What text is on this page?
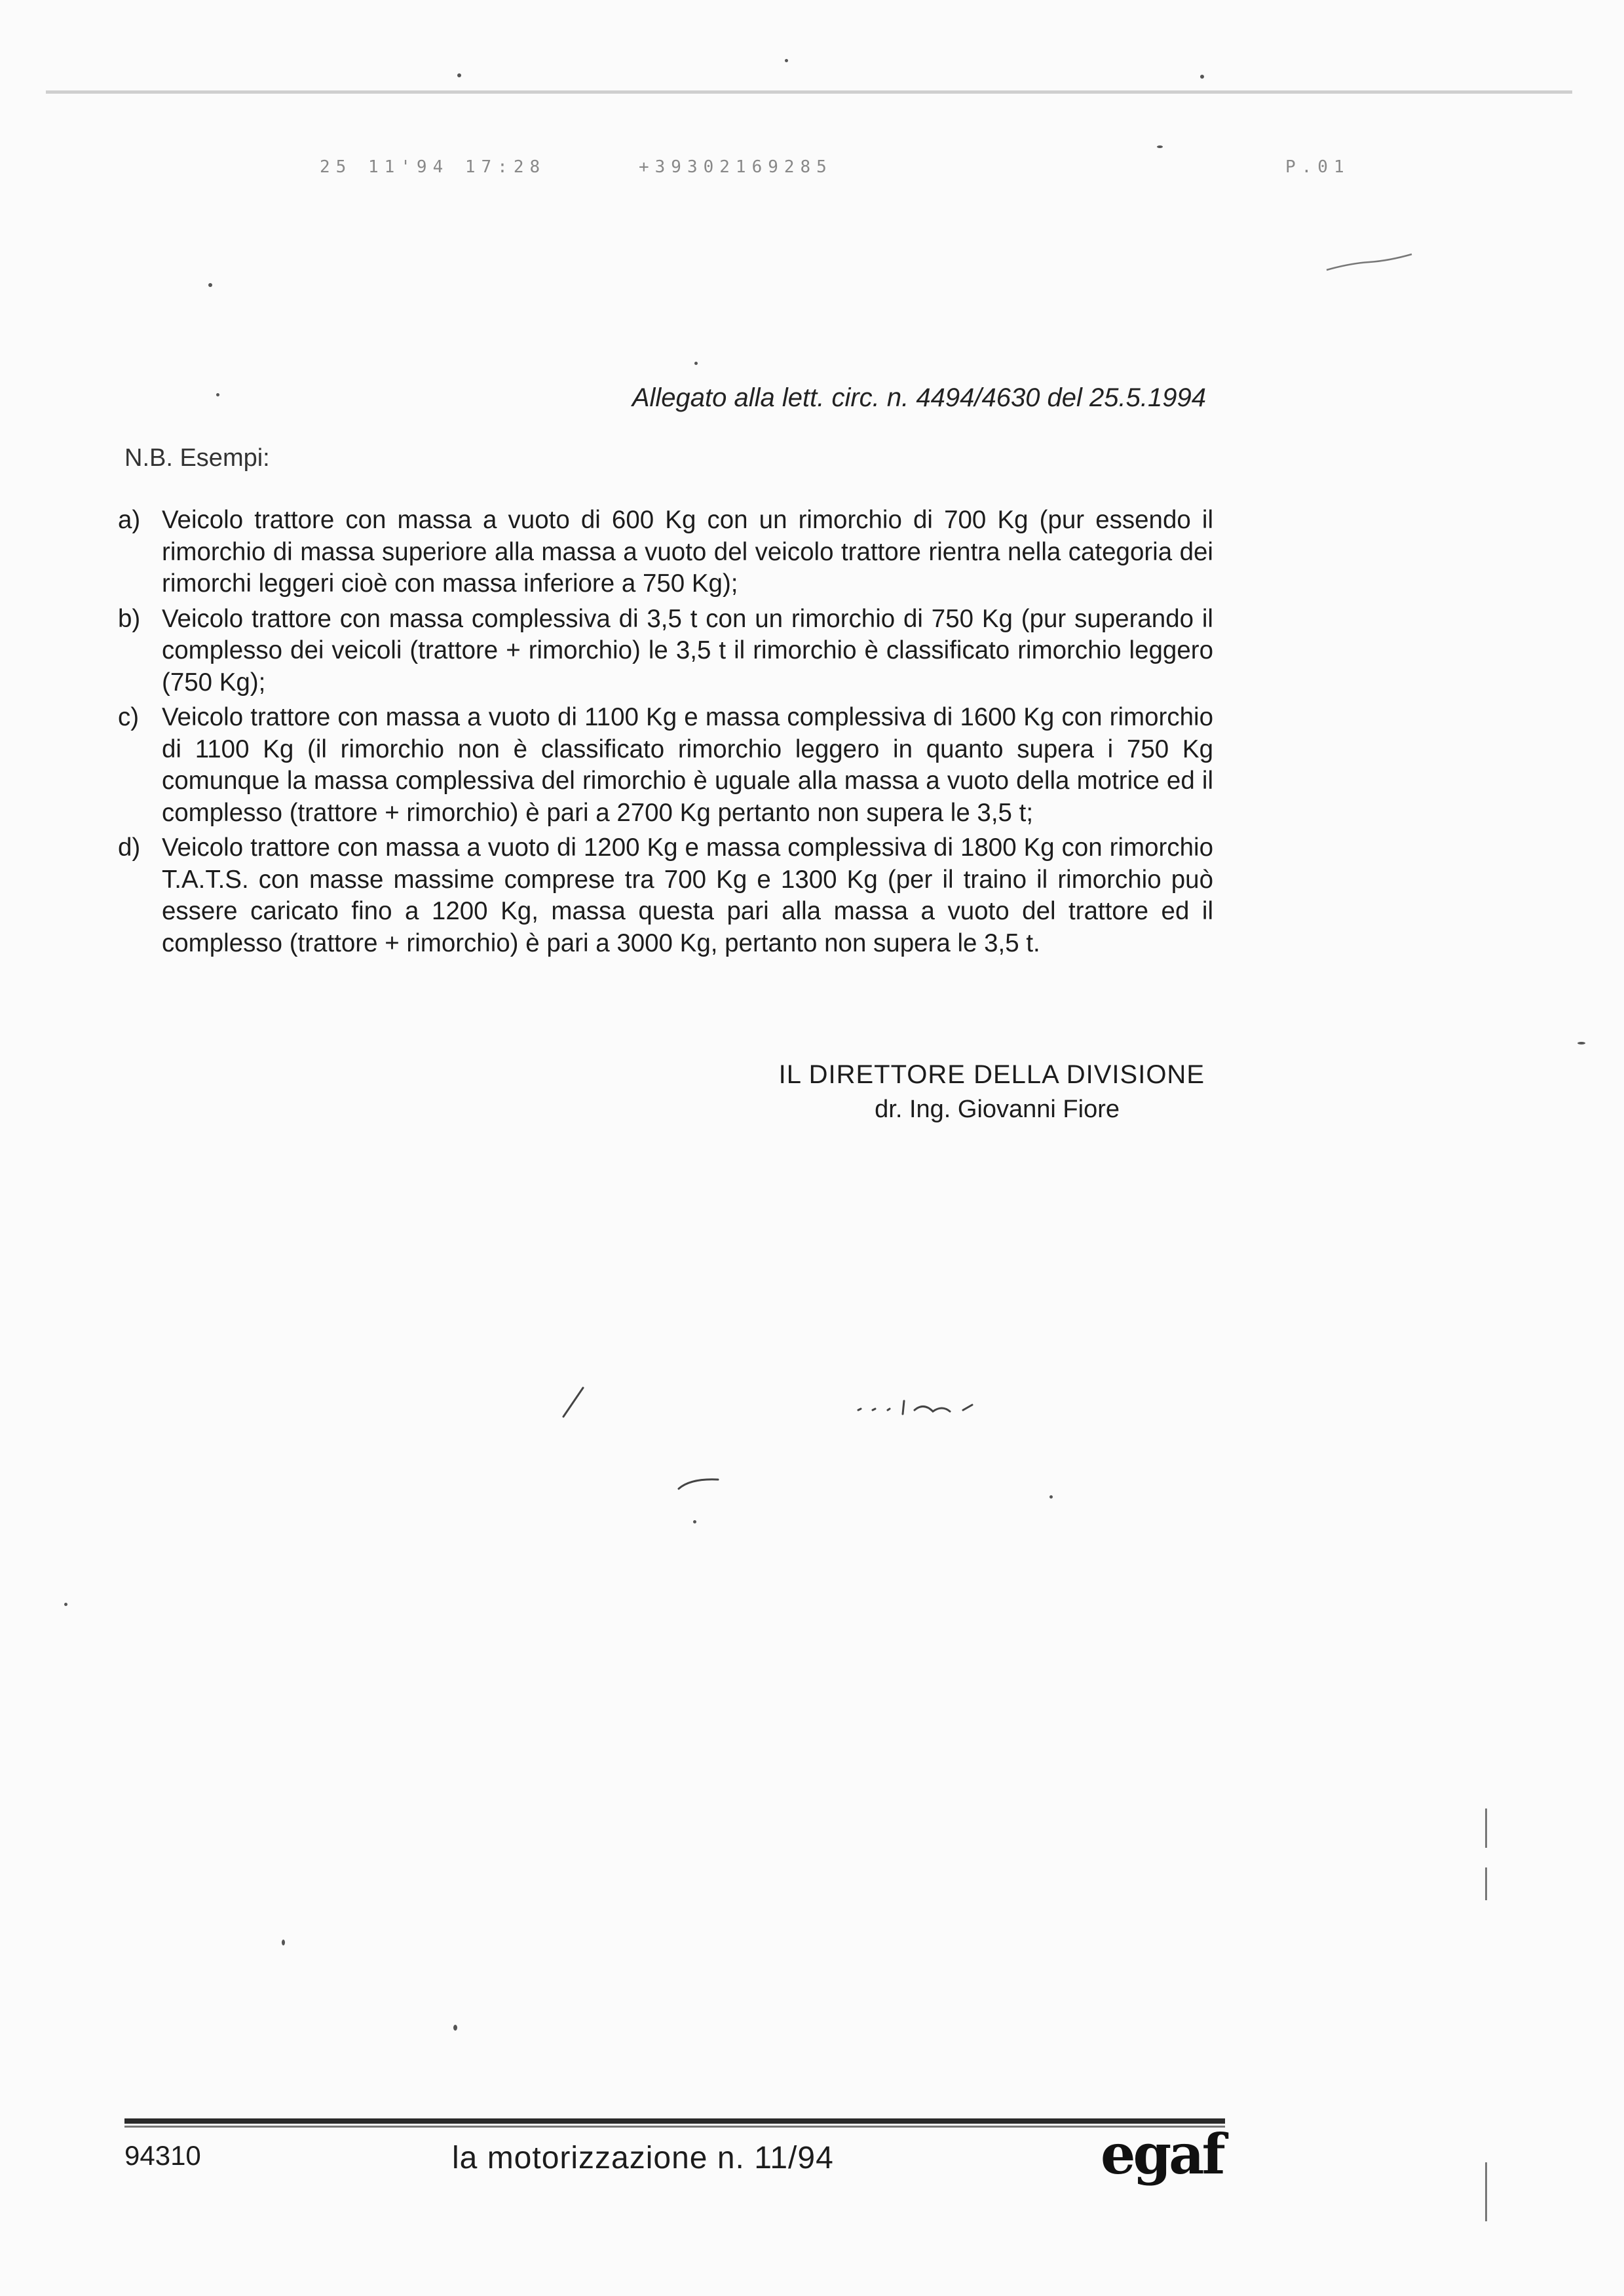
25 11'94 17:28	+39302169285	P.01
Allegato alla lett. circ. n. 4494/4630 del 25.5.1994
N.B. Esempi:
a) Veicolo trattore con massa a vuoto di 600 Kg con un rimorchio di 700 Kg (pur essendo il rimorchio di massa superiore alla massa a vuoto del veicolo trattore rientra nella categoria dei rimorchi leggeri cioè con massa inferiore a 750 Kg);
b) Veicolo trattore con massa complessiva di 3,5 t con un rimorchio di 750 Kg (pur superando il complesso dei veicoli (trattore + rimorchio) le 3,5 t il rimorchio è classificato rimorchio leggero (750 Kg);
c) Veicolo trattore con massa a vuoto di 1100 Kg e massa complessiva di 1600 Kg con rimorchio di 1100 Kg (il rimorchio non è classificato rimorchio leggero in quanto supera i 750 Kg comunque la massa complessiva del rimorchio è uguale alla massa a vuoto della motrice ed il complesso (trattore + rimorchio) è pari a 2700 Kg pertanto non supera le 3,5 t;
d) Veicolo trattore con massa a vuoto di 1200 Kg e massa complessiva di 1800 Kg con rimorchio T.A.T.S. con masse massime comprese tra 700 Kg e 1300 Kg (per il traino il rimorchio può essere caricato fino a 1200 Kg, massa questa pari alla massa a vuoto del trattore ed il complesso (trattore + rimorchio) è pari a 3000 Kg, pertanto non supera le 3,5 t.
IL DIRETTORE DELLA DIVISIONE
dr. Ing. Giovanni Fiore
94310	la motorizzazione n. 11/94	egaf
